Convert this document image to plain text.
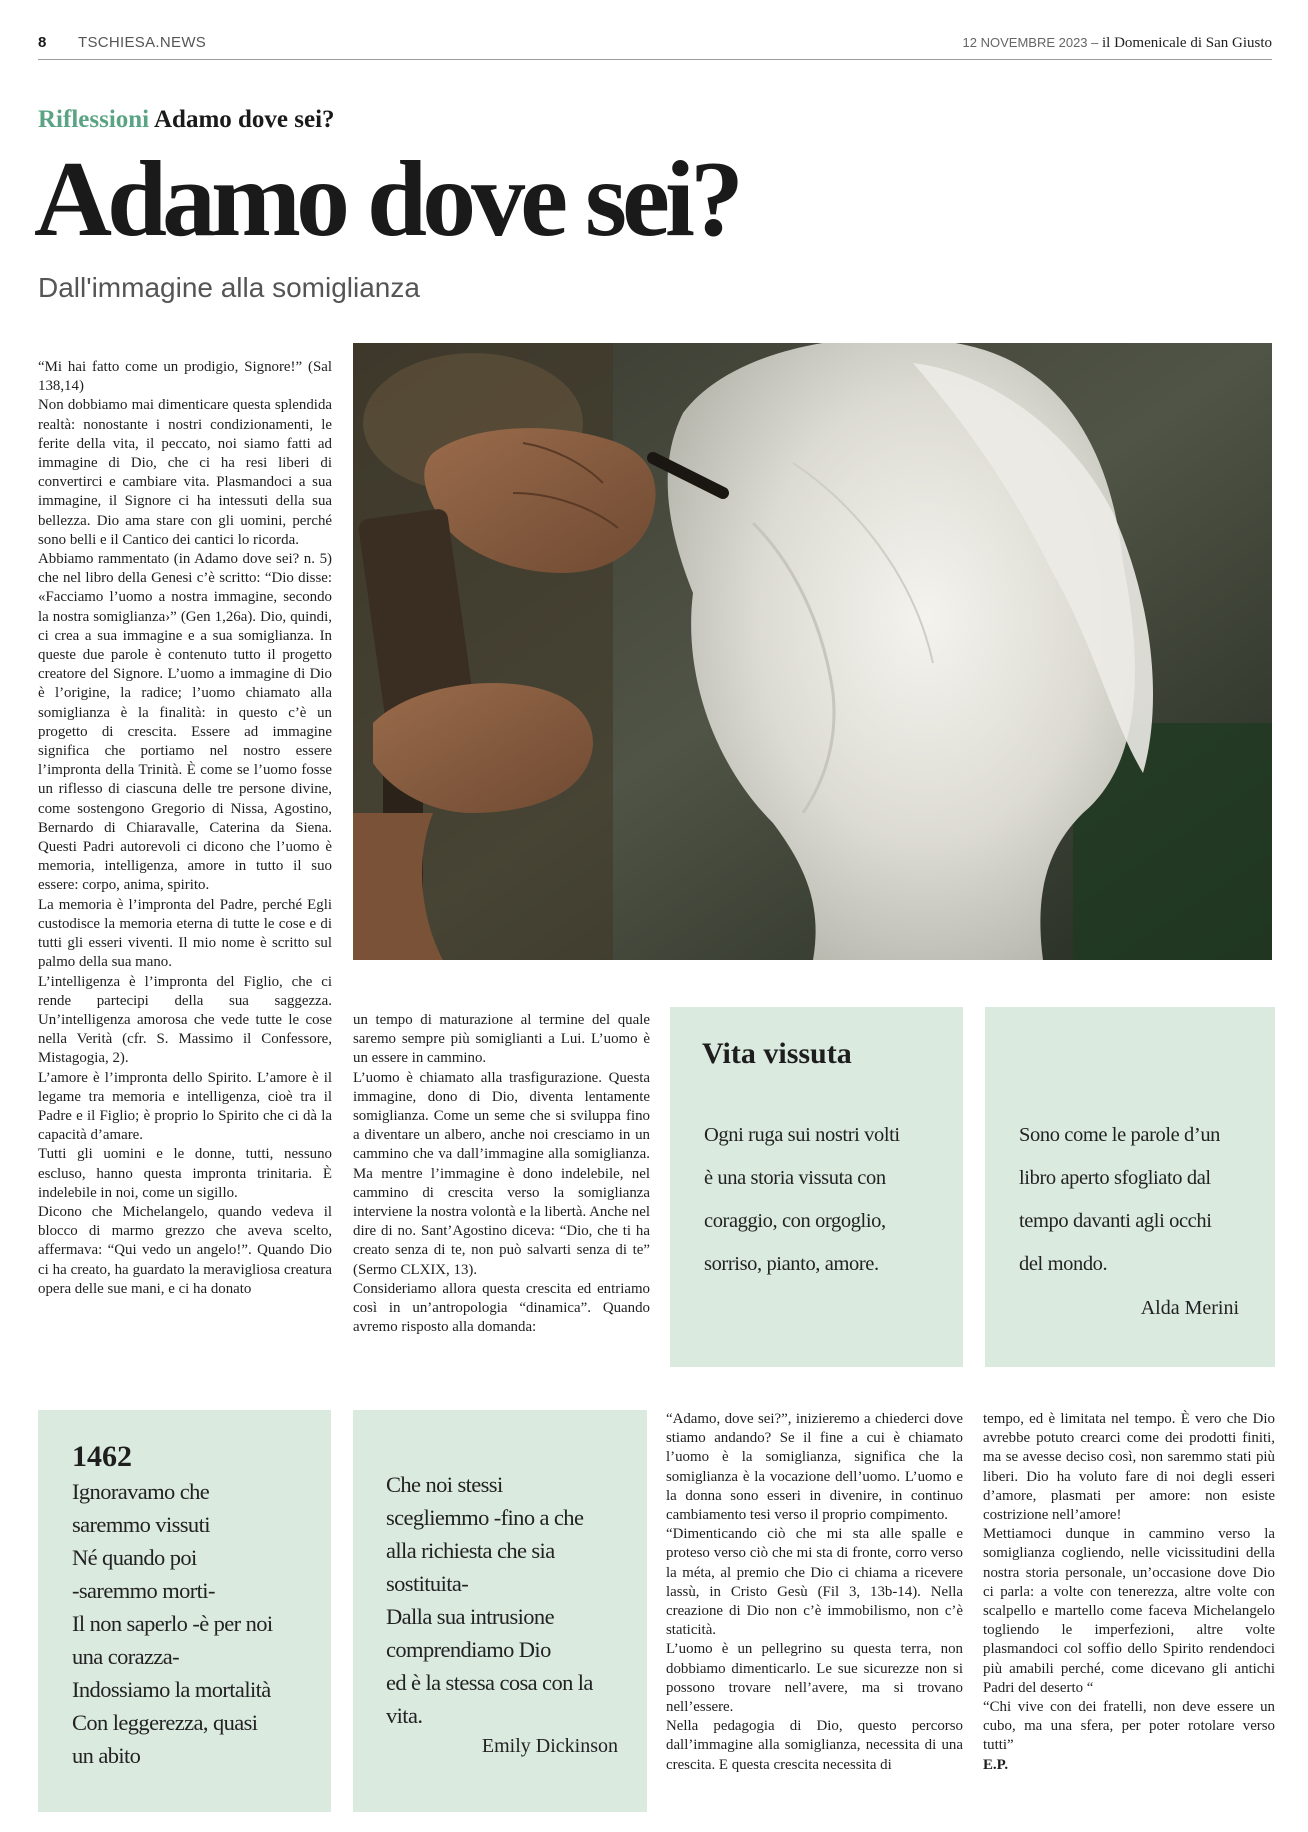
8 TSCHIESA.NEWS	12 NOVEMBRE 2023 – il Domenicale di San Giusto
Riflessioni Adamo dove sei?
Adamo dove sei?
Dall'immagine alla somiglianza

“Mi hai fatto come un prodigio, Signore!” (Sal 138,14)

Non dobbiamo mai dimenticare questa splendida realtà: nonostante i nostri condizionamenti, le ferite della vita, il peccato, noi siamo fatti ad immagine di Dio, che ci ha resi liberi di convertirci e cambiare vita. Plasmandoci a sua immagine, il Signore ci ha intessuti della sua bellezza. Dio ama stare con gli uomini, perché sono belli e il Cantico dei cantici lo ricorda.

Abbiamo rammentato (in Adamo dove sei? n. 5) che nel libro della Genesi c’è scritto: “Dio disse: «Facciamo l’uomo a nostra immagine, secondo la nostra somiglianza›” (Gen 1,26a). Dio, quindi, ci crea a sua immagine e a sua somiglianza. In queste due parole è contenuto tutto il progetto creatore del Signore. L’uomo a immagine di Dio è l’origine, la radice; l’uomo chiamato alla somiglianza è la finalità: in questo c’è un progetto di crescita. Essere ad immagine significa che portiamo nel nostro essere l’impronta della Trinità. È come se l’uomo fosse un riflesso di ciascuna delle tre persone divine, come sostengono Gregorio di Nissa, Agostino, Bernardo di Chiaravalle, Caterina da Siena. Questi Padri autorevoli ci dicono che l’uomo è memoria, intelligenza, amore in tutto il suo essere: corpo, anima, spirito.

La memoria è l’impronta del Padre, perché Egli custodisce la memoria eterna di tutte le cose e di tutti gli esseri viventi. Il mio nome è scritto sul palmo della sua mano.

L’intelligenza è l’impronta del Figlio, che ci rende partecipi della sua saggezza. Un’intelligenza amorosa che vede tutte le cose nella Verità (cfr. S. Massimo il Confessore, Mistagogia, 2).

L’amore è l’impronta dello Spirito. L’amore è il legame tra memoria e intelligenza, cioè tra il Padre e il Figlio; è proprio lo Spirito che ci dà la capacità d’amare.

Tutti gli uomini e le donne, tutti, nessuno escluso, hanno questa impronta trinitaria. È indelebile in noi, come un sigillo.

Dicono che Michelangelo, quando vedeva il blocco di marmo grezzo che aveva scelto, affermava: “Qui vedo un angelo!”. Quando Dio ci ha creato, ha guardato la meravigliosa creatura opera delle sue mani, e ci ha donato

un tempo di maturazione al termine del quale saremo sempre più somiglianti a Lui. L’uomo è un essere in cammino.

L’uomo è chiamato alla trasfigurazione. Questa immagine, dono di Dio, diventa lentamente somiglianza. Come un seme che si sviluppa fino a diventare un albero, anche noi cresciamo in un cammino che va dall’immagine alla somiglianza. Ma mentre l’immagine è dono indelebile, nel cammino di crescita verso la somiglianza interviene la nostra volontà e la libertà. Anche nel dire di no. Sant’Agostino diceva: “Dio, che ti ha creato senza di te, non può salvarti senza di te” (Sermo CLXIX, 13).

Consideriamo allora questa crescita ed entriamo così in un’antropologia “dinamica”. Quando avremo risposto alla domanda:

“Adamo, dove sei?”, inizieremo a chiederci dove stiamo andando? Se il fine a cui è chiamato l’uomo è la somiglianza, significa che la somiglianza è la vocazione dell’uomo. L’uomo e la donna sono esseri in divenire, in continuo cambiamento tesi verso il proprio compimento.

“Dimenticando ciò che mi sta alle spalle e proteso verso ciò che mi sta di fronte, corro verso la méta, al premio che Dio ci chiama a ricevere lassù, in Cristo Gesù (Fil 3, 13b-14). Nella creazione di Dio non c’è immobilismo, non c’è staticità.

L’uomo è un pellegrino su questa terra, non dobbiamo dimenticarlo. Le sue sicurezze non si possono trovare nell’avere, ma si trovano nell’essere.

Nella pedagogia di Dio, questo percorso dall’immagine alla somiglianza, necessita di una crescita. E questa crescita necessita di

tempo, ed è limitata nel tempo. È vero che Dio avrebbe potuto crearci come dei prodotti finiti, ma se avesse deciso così, non saremmo stati più liberi. Dio ha voluto fare di noi degli esseri d’amore, plasmati per amore: non esiste costrizione nell’amore!

Mettiamoci dunque in cammino verso la somiglianza cogliendo, nelle vicissitudini della nostra storia personale, un’occasione dove Dio ci parla: a volte con tenerezza, altre volte con scalpello e martello come faceva Michelangelo togliendo le imperfezioni, altre volte plasmandoci col soffio dello Spirito rendendoci più amabili perché, come dicevano gli antichi Padri del deserto “

“Chi vive con dei fratelli, non deve essere un cubo, ma una sfera, per poter rotolare verso tutti”

E.P.

Vita vissuta
Ogni ruga sui nostri volti
è una storia vissuta con
coraggio, con orgoglio,
sorriso, pianto, amore.
Sono come le parole d’un
libro aperto sfogliato dal
tempo davanti agli occhi
del mondo.
Alda Merini
1462
Ignoravamo che
saremmo vissuti
Né quando poi
-saremmo morti-
Il non saperlo -è per noi
una corazza-
Indossiamo la mortalità
Con leggerezza, quasi
un abito
Che noi stessi
scegliemmo -fino a che
alla richiesta che sia
sostituita-
Dalla sua intrusione
comprendiamo Dio
ed è la stessa cosa con la
vita.
Emily Dickinson
